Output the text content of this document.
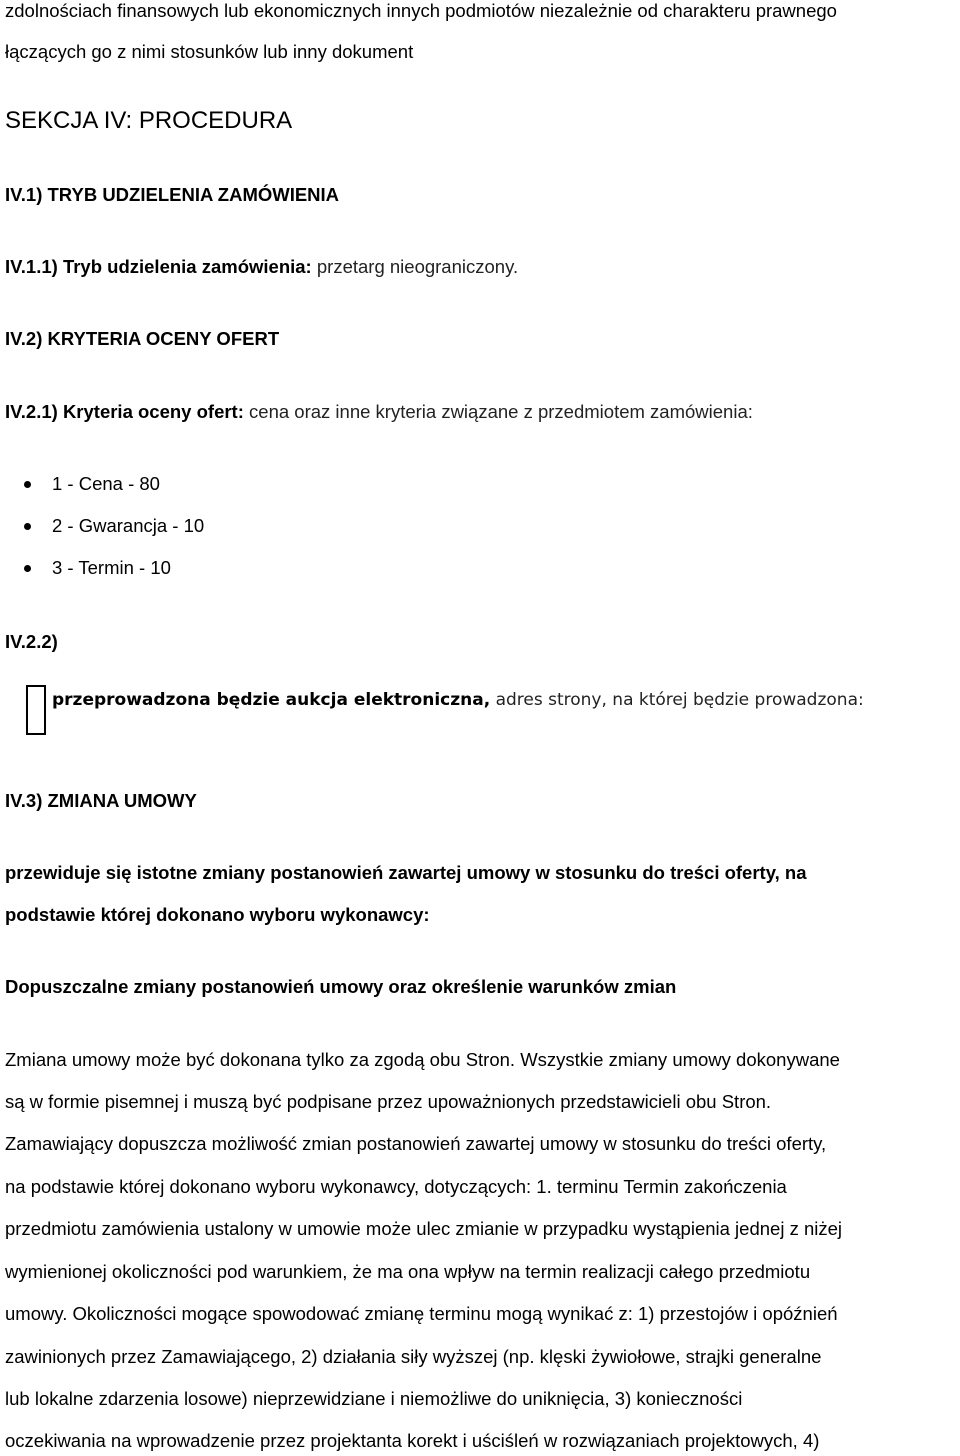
zdolnościach finansowych lub ekonomicznych innych podmiotów niezależnie od charakteru prawnego
łączących go z nimi stosunków lub inny dokument
SEKCJA IV: PROCEDURA
IV.1) TRYB UDZIELENIA ZAMÓWIENIA
IV.1.1) Tryb udzielenia zamówienia: przetarg nieograniczony.
IV.2) KRYTERIA OCENY OFERT
IV.2.1) Kryteria oceny ofert: cena oraz inne kryteria związane z przedmiotem zamówienia:
1 - Cena - 80
2 - Gwarancja - 10
3 - Termin - 10
IV.2.2)
przeprowadzona będzie aukcja elektroniczna, adres strony, na której będzie prowadzona:
IV.3) ZMIANA UMOWY
przewiduje się istotne zmiany postanowień zawartej umowy w stosunku do treści oferty, na
podstawie której dokonano wyboru wykonawcy:
Dopuszczalne zmiany postanowień umowy oraz określenie warunków zmian
Zmiana umowy może być dokonana tylko za zgodą obu Stron. Wszystkie zmiany umowy dokonywane
są w formie pisemnej i muszą być podpisane przez upoważnionych przedstawicieli obu Stron.
Zamawiający dopuszcza możliwość zmian postanowień zawartej umowy w stosunku do treści oferty,
na podstawie której dokonano wyboru wykonawcy, dotyczących: 1. terminu Termin zakończenia
przedmiotu zamówienia ustalony w umowie może ulec zmianie w przypadku wystąpienia jednej z niżej
wymienionej okoliczności pod warunkiem, że ma ona wpływ na termin realizacji całego przedmiotu
umowy. Okoliczności mogące spowodować zmianę terminu mogą wynikać z: 1) przestojów i opóźnień
zawinionych przez Zamawiającego, 2) działania siły wyższej (np. klęski żywiołowe, strajki generalne
lub lokalne zdarzenia losowe) nieprzewidziane i niemożliwe do uniknięcia, 3) konieczności
oczekiwania na wprowadzenie przez projektanta korekt i uściśleń w rozwiązaniach projektowych, 4)
